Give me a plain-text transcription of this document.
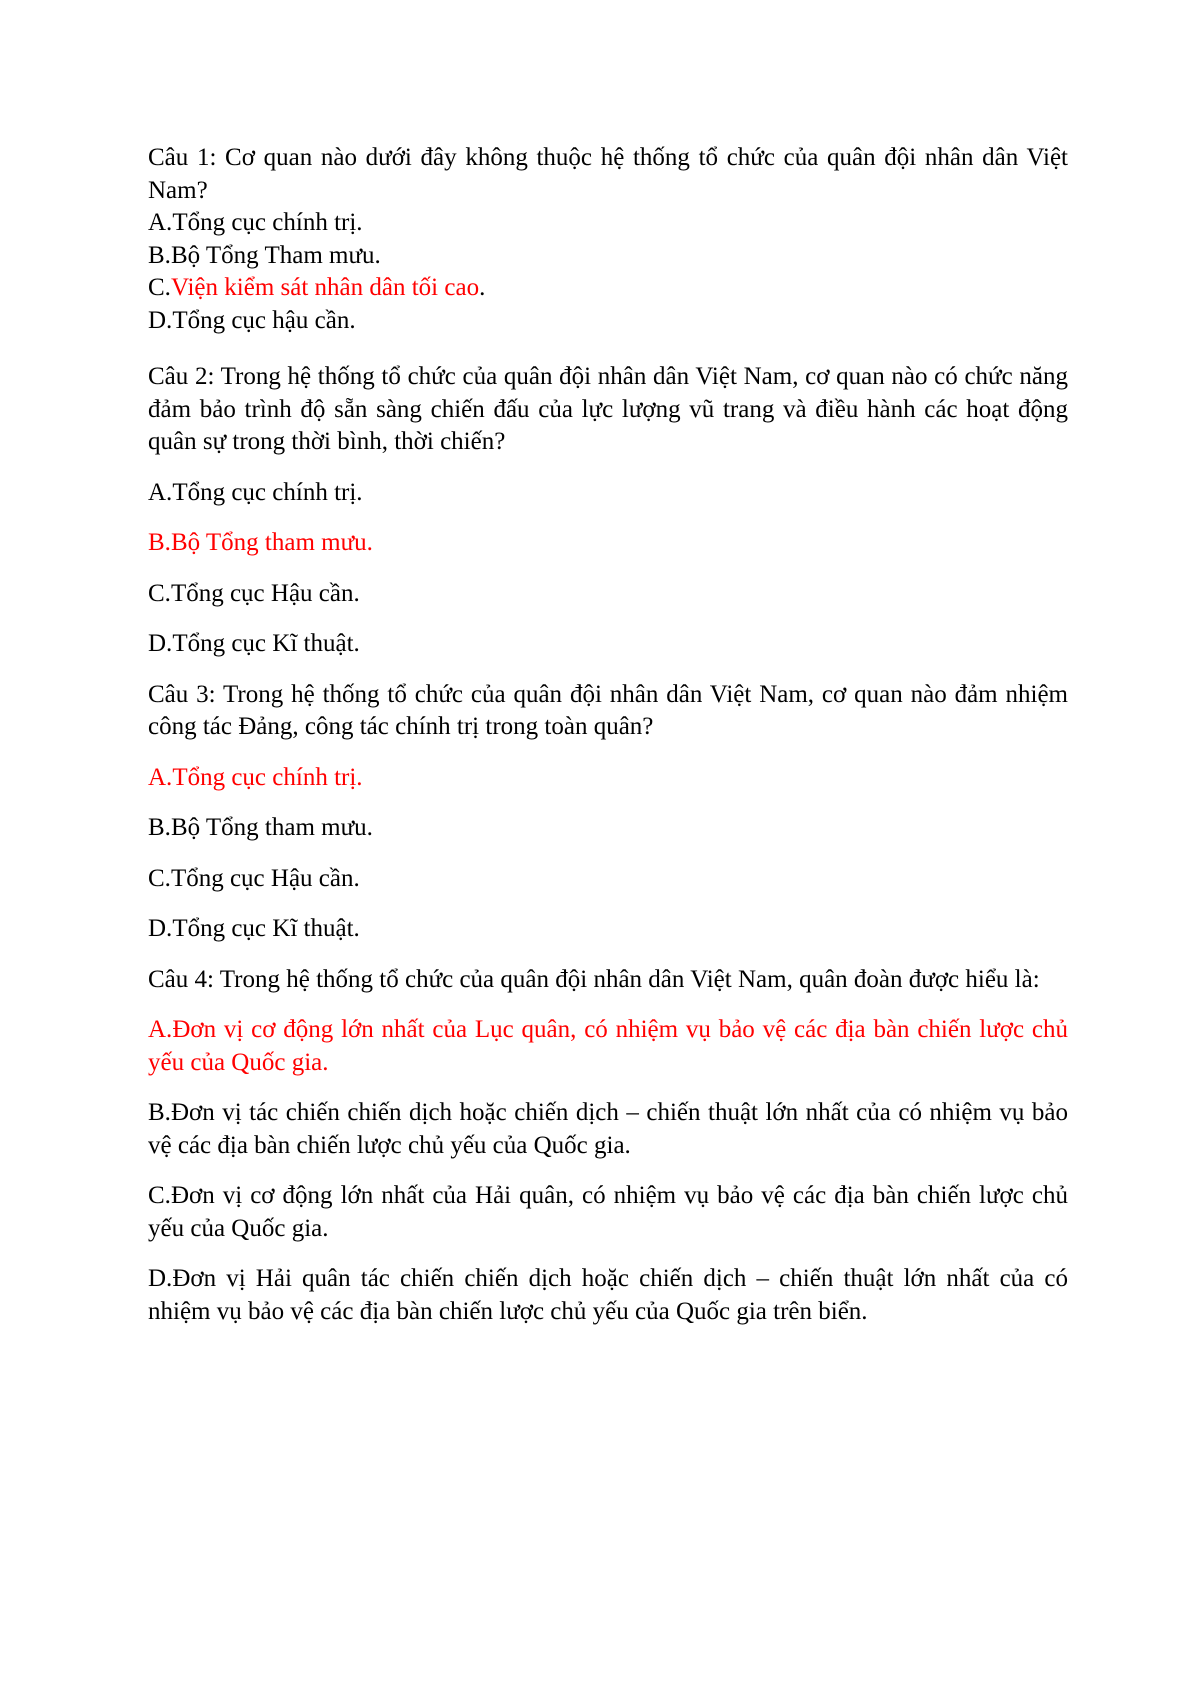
Câu 1: Cơ quan nào dưới đây không thuộc hệ thống tổ chức của quân đội nhân dân Việt Nam?

A.Tổng cục chính trị.

B.Bộ Tổng Tham mưu.

C.Viện kiểm sát nhân dân tối cao.

D.Tổng cục hậu cần.

Câu 2: Trong hệ thống tổ chức của quân đội nhân dân Việt Nam, cơ quan nào có chức năng đảm bảo trình độ sẵn sàng chiến đấu của lực lượng vũ trang và điều hành các hoạt động quân sự trong thời bình, thời chiến?

A.Tổng cục chính trị.

B.Bộ Tổng tham mưu.

C.Tổng cục Hậu cần.

D.Tổng cục Kĩ thuật.

Câu 3: Trong hệ thống tổ chức của quân đội nhân dân Việt Nam, cơ quan nào đảm nhiệm công tác Đảng, công tác chính trị trong toàn quân?

A.Tổng cục chính trị.

B.Bộ Tổng tham mưu.

C.Tổng cục Hậu cần.

D.Tổng cục Kĩ thuật.

Câu 4: Trong hệ thống tổ chức của quân đội nhân dân Việt Nam, quân đoàn được hiểu là:

A.Đơn vị cơ động lớn nhất của Lục quân, có nhiệm vụ bảo vệ các địa bàn chiến lược chủ yếu của Quốc gia.

B.Đơn vị tác chiến chiến dịch hoặc chiến dịch – chiến thuật lớn nhất của có nhiệm vụ bảo vệ các địa bàn chiến lược chủ yếu của Quốc gia.

C.Đơn vị cơ động lớn nhất của Hải quân, có nhiệm vụ bảo vệ các địa bàn chiến lược chủ yếu của Quốc gia.

D.Đơn vị Hải quân tác chiến chiến dịch hoặc chiến dịch – chiến thuật lớn nhất của có nhiệm vụ bảo vệ các địa bàn chiến lược chủ yếu của Quốc gia trên biển.
